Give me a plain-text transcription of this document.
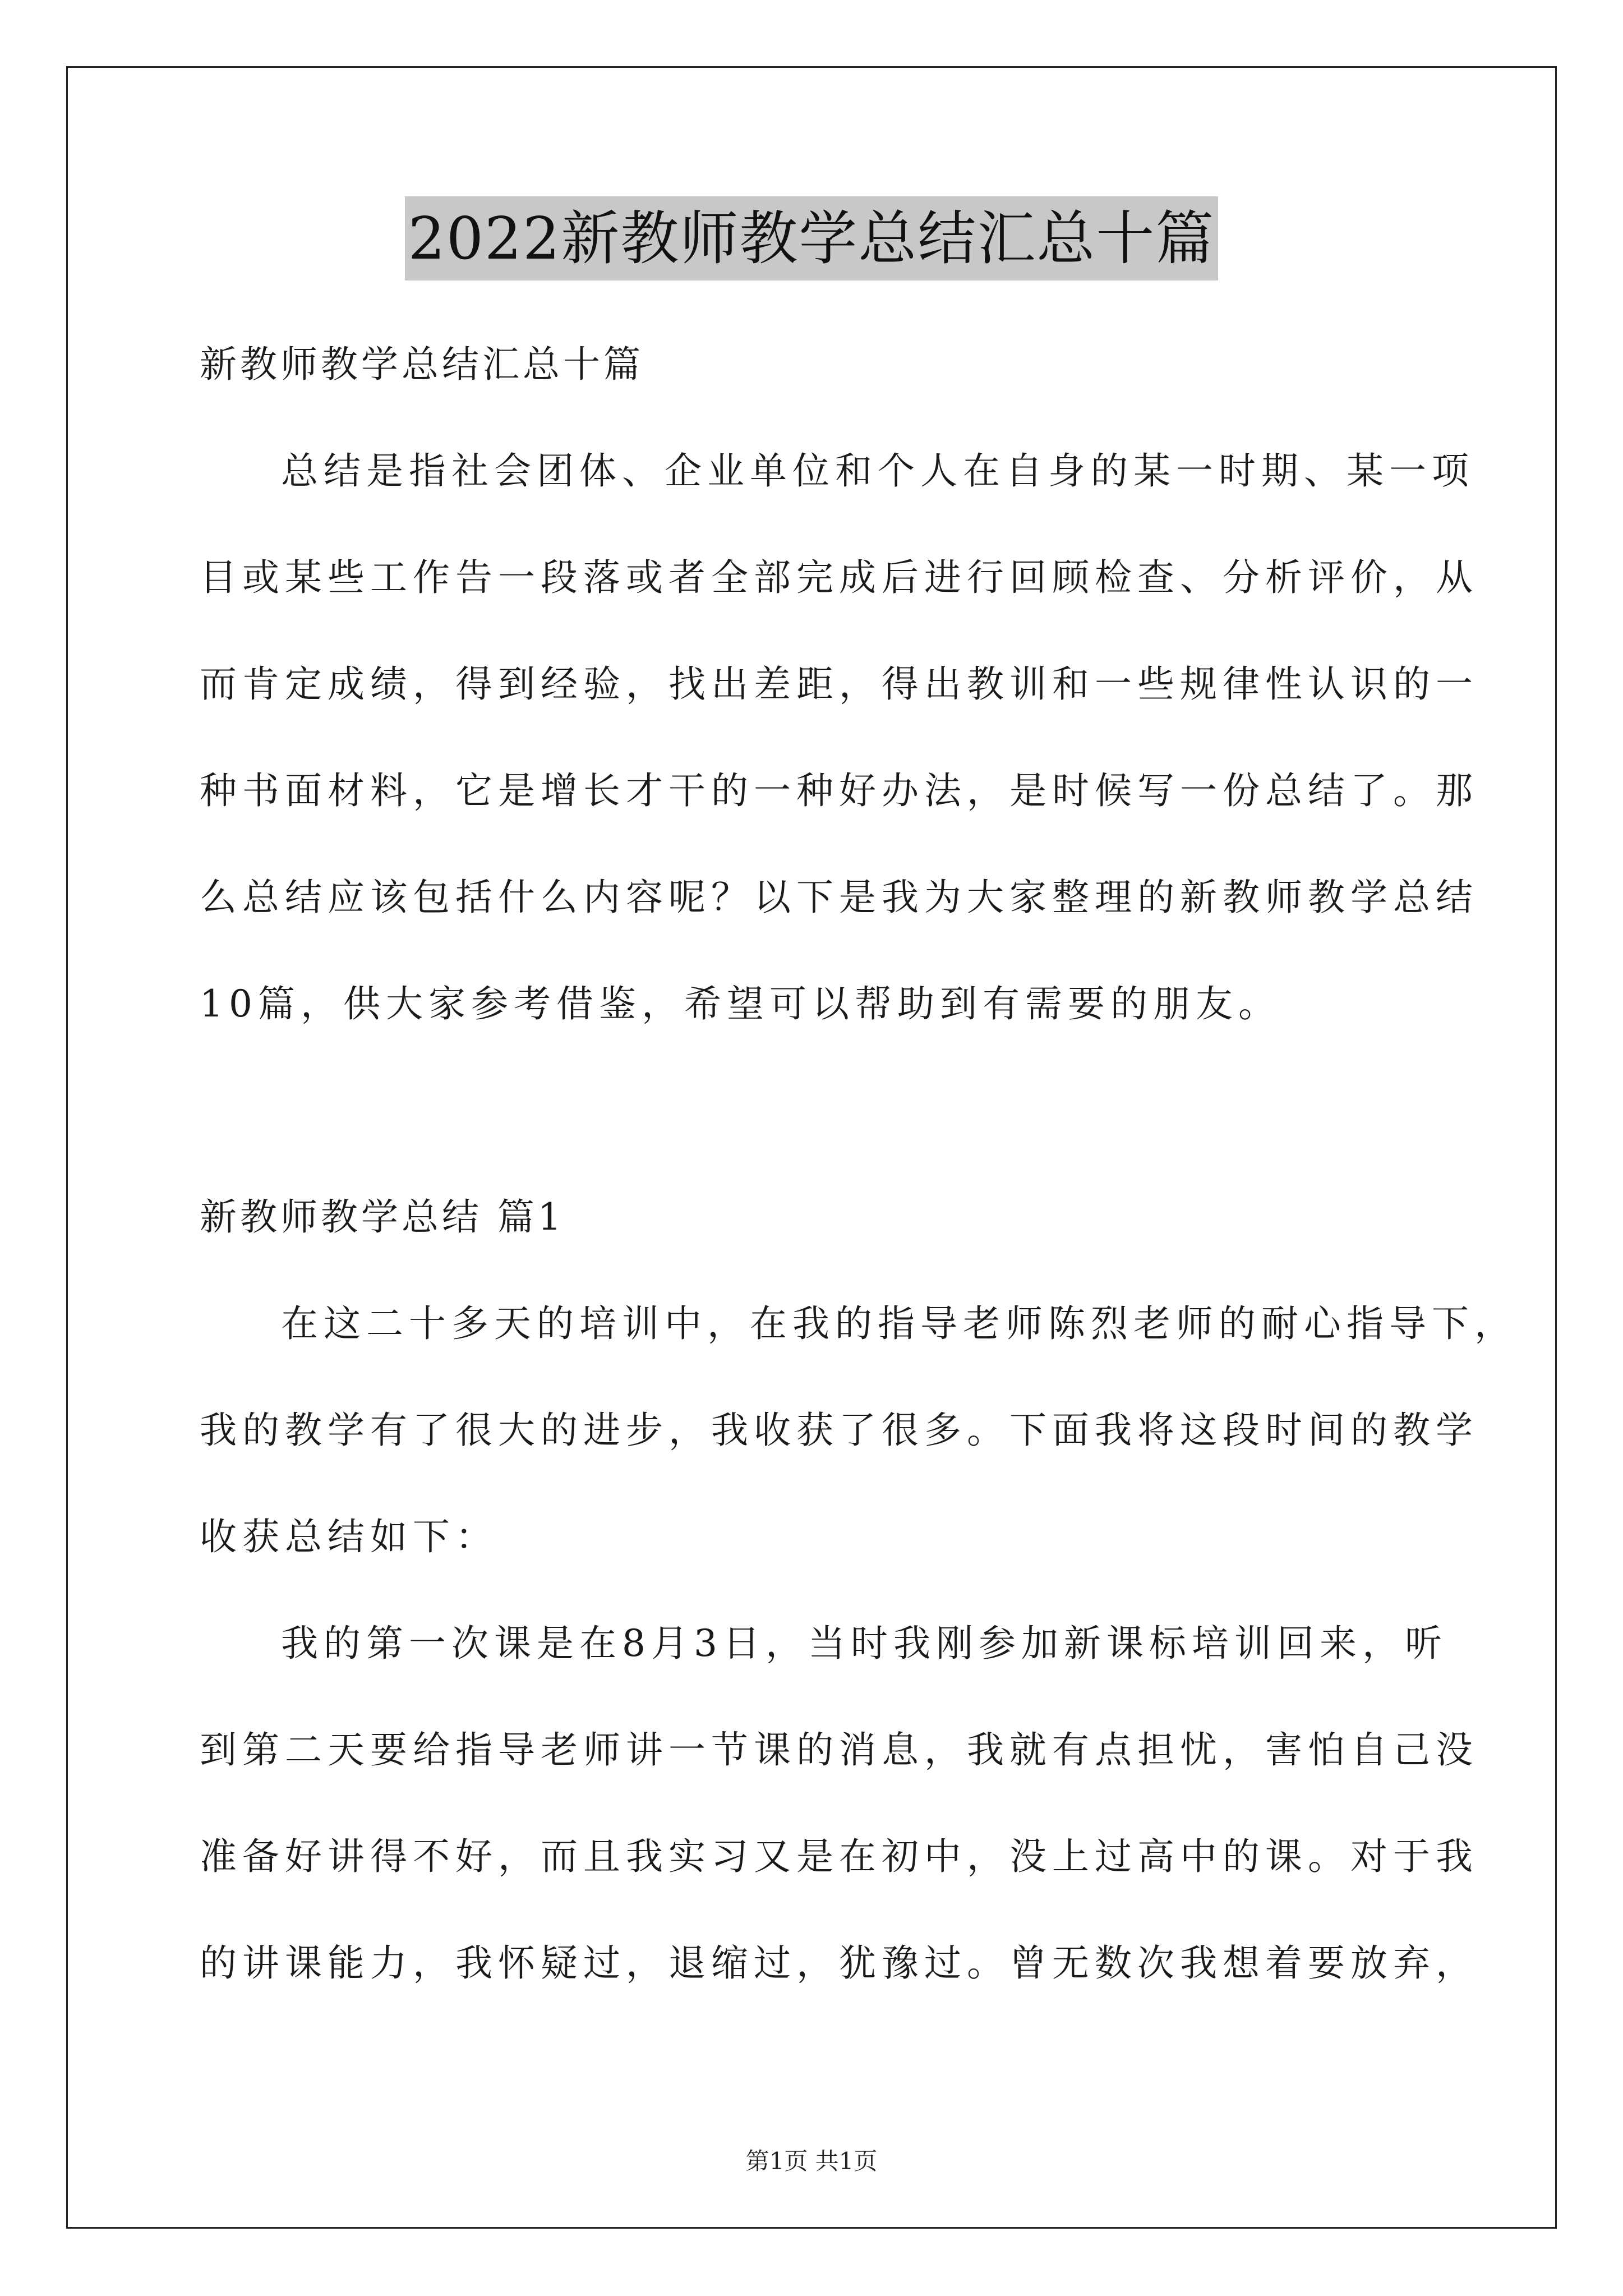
2022新教师教学总结汇总十篇
新教师教学总结汇总十篇
总结是指社会团体、企业单位和个人在自身的某一时期、某一项
目或某些工作告一段落或者全部完成后进行回顾检查、分析评价，从
而肯定成绩，得到经验，找出差距，得出教训和一些规律性认识的一
种书面材料，它是增长才干的一种好办法，是时候写一份总结了。那
么总结应该包括什么内容呢？以下是我为大家整理的新教师教学总结
10篇，供大家参考借鉴，希望可以帮助到有需要的朋友。
新教师教学总结 篇1
在这二十多天的培训中，在我的指导老师陈烈老师的耐心指导下，
我的教学有了很大的进步，我收获了很多。下面我将这段时间的教学
收获总结如下：
我的第一次课是在8月3日，当时我刚参加新课标培训回来，听
到第二天要给指导老师讲一节课的消息，我就有点担忧，害怕自己没
准备好讲得不好，而且我实习又是在初中，没上过高中的课。对于我
的讲课能力，我怀疑过，退缩过，犹豫过。曾无数次我想着要放弃，
第1页 共1页
